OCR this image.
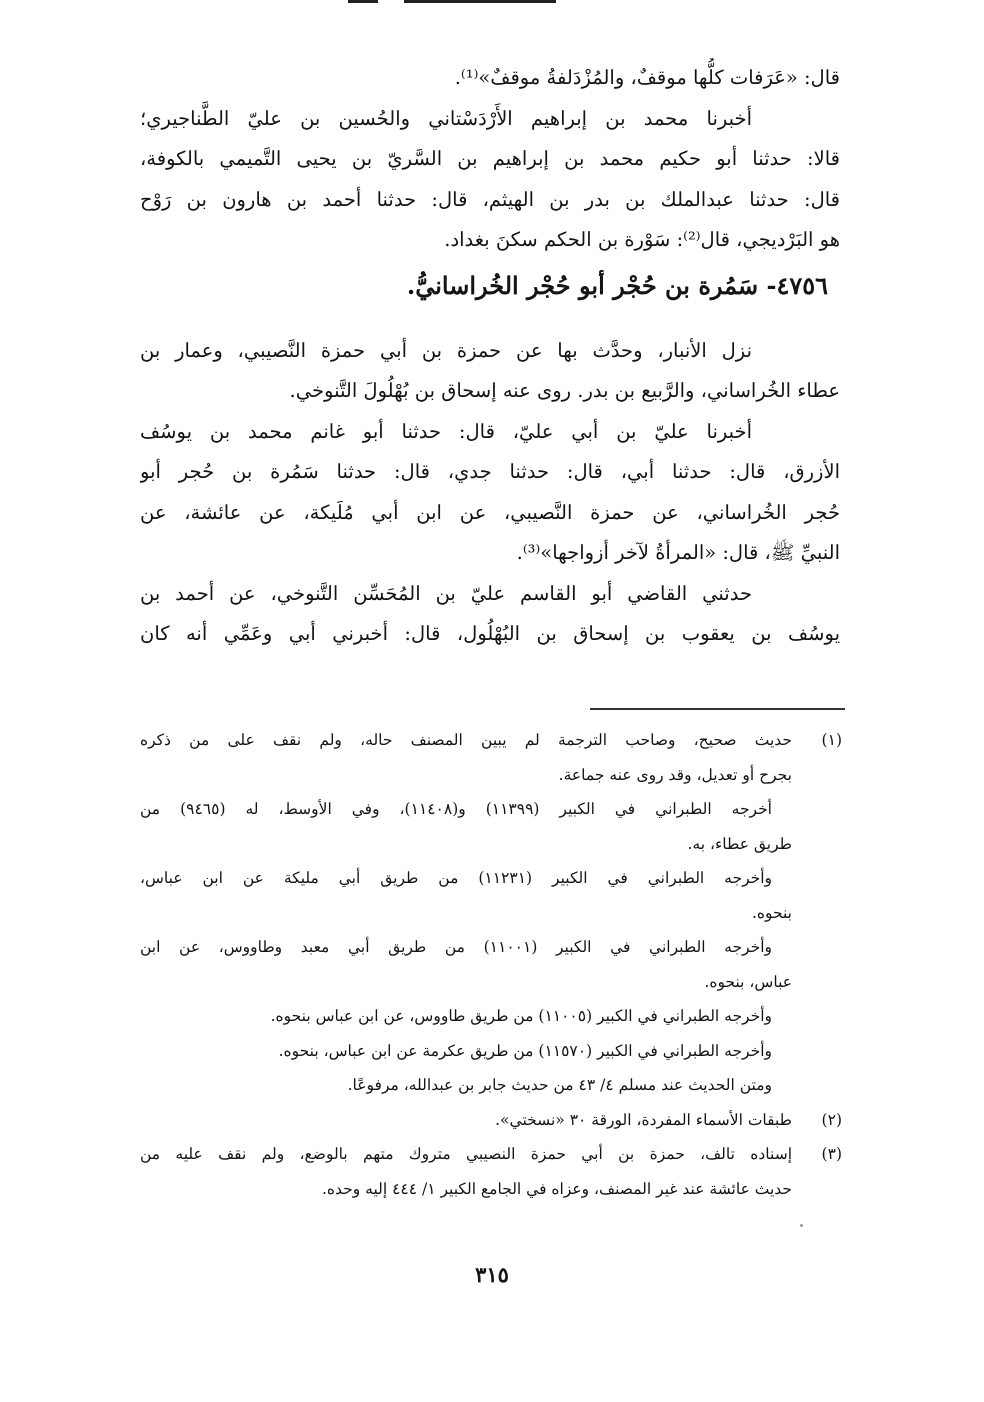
قال: «عَرَفات كلُّها موقفٌ، والمُزْدَلفةُ موقفٌ»⁽¹⁾.
أخبرنا محمد بن إبراهيم الأَرْدَسْتاني والحُسين بن عليّ الطَّناجيري؛
قالا: حدثنا أبو حكيم محمد بن إبراهيم بن السَّريّ بن يحيى التَّميمي بالكوفة،
قال: حدثنا عبدالملك بن بدر بن الهيثم، قال: حدثنا أحمد بن هارون بن رَوْح
هو البَرْديجي، قال⁽²⁾: سَوْرة بن الحكم سكنَ بغداد.
٤٧٥٦- سَمُرة بن حُجْر أبو حُجْر الخُراسانيُّ.
نزل الأنبار، وحدَّث بها عن حمزة بن أبي حمزة النَّصيبي، وعمار بن
عطاء الخُراساني، والرَّبيع بن بدر. روى عنه إسحاق بن بُهْلُولَ التَّنوخي.
أخبرنا عليّ بن أبي عليّ، قال: حدثنا أبو غانم محمد بن يوسُف
الأزرق، قال: حدثنا أبي، قال: حدثنا جدي، قال: حدثنا سَمُرة بن حُجر أبو
حُجر الخُراساني، عن حمزة النَّصيبي، عن ابن أبي مُلَيكة، عن عائشة، عن
النبيِّ ﷺ، قال: «المرأةُ لآخر أزواجها»⁽³⁾.
حدثني القاضي أبو القاسم عليّ بن المُحَسِّن التَّنوخي، عن أحمد بن
يوسُف بن يعقوب بن إسحاق بن البُهْلُول، قال: أخبرني أبي وعَمِّي أنه كان
(١)
حديث صحيح، وصاحب الترجمة لم يبين المصنف حاله، ولم نقف على من ذكره
بجرح أو تعديل، وقد روى عنه جماعة.
أخرجه الطبراني في الكبير (١١٣٩٩) و(١١٤٠٨)، وفي الأوسط، له (٩٤٦٥) من
طريق عطاء، به.
وأخرجه الطبراني في الكبير (١١٢٣١) من طريق أبي مليكة عن ابن عباس،
بنحوه.
وأخرجه الطبراني في الكبير (١١٠٠١) من طريق أبي معبد وطاووس، عن ابن
عباس، بنحوه.
وأخرجه الطبراني في الكبير (١١٠٠٥) من طريق طاووس، عن ابن عباس بنحوه.
وأخرجه الطبراني في الكبير (١١٥٧٠) من طريق عكرمة عن ابن عباس، بنحوه.
ومتن الحديث عند مسلم ٤/ ٤٣ من حديث جابر بن عبدالله، مرفوعًا.
(٢)
طبقات الأسماء المفردة، الورقة ٣٠ «نسختي».
(٣)
إسناده تالف، حمزة بن أبي حمزة النصيبي متروك متهم بالوضع، ولم نقف عليه من
حديث عائشة عند غير المصنف، وعزاه في الجامع الكبير ١/ ٤٤٤ إليه وحده.
٣١٥
